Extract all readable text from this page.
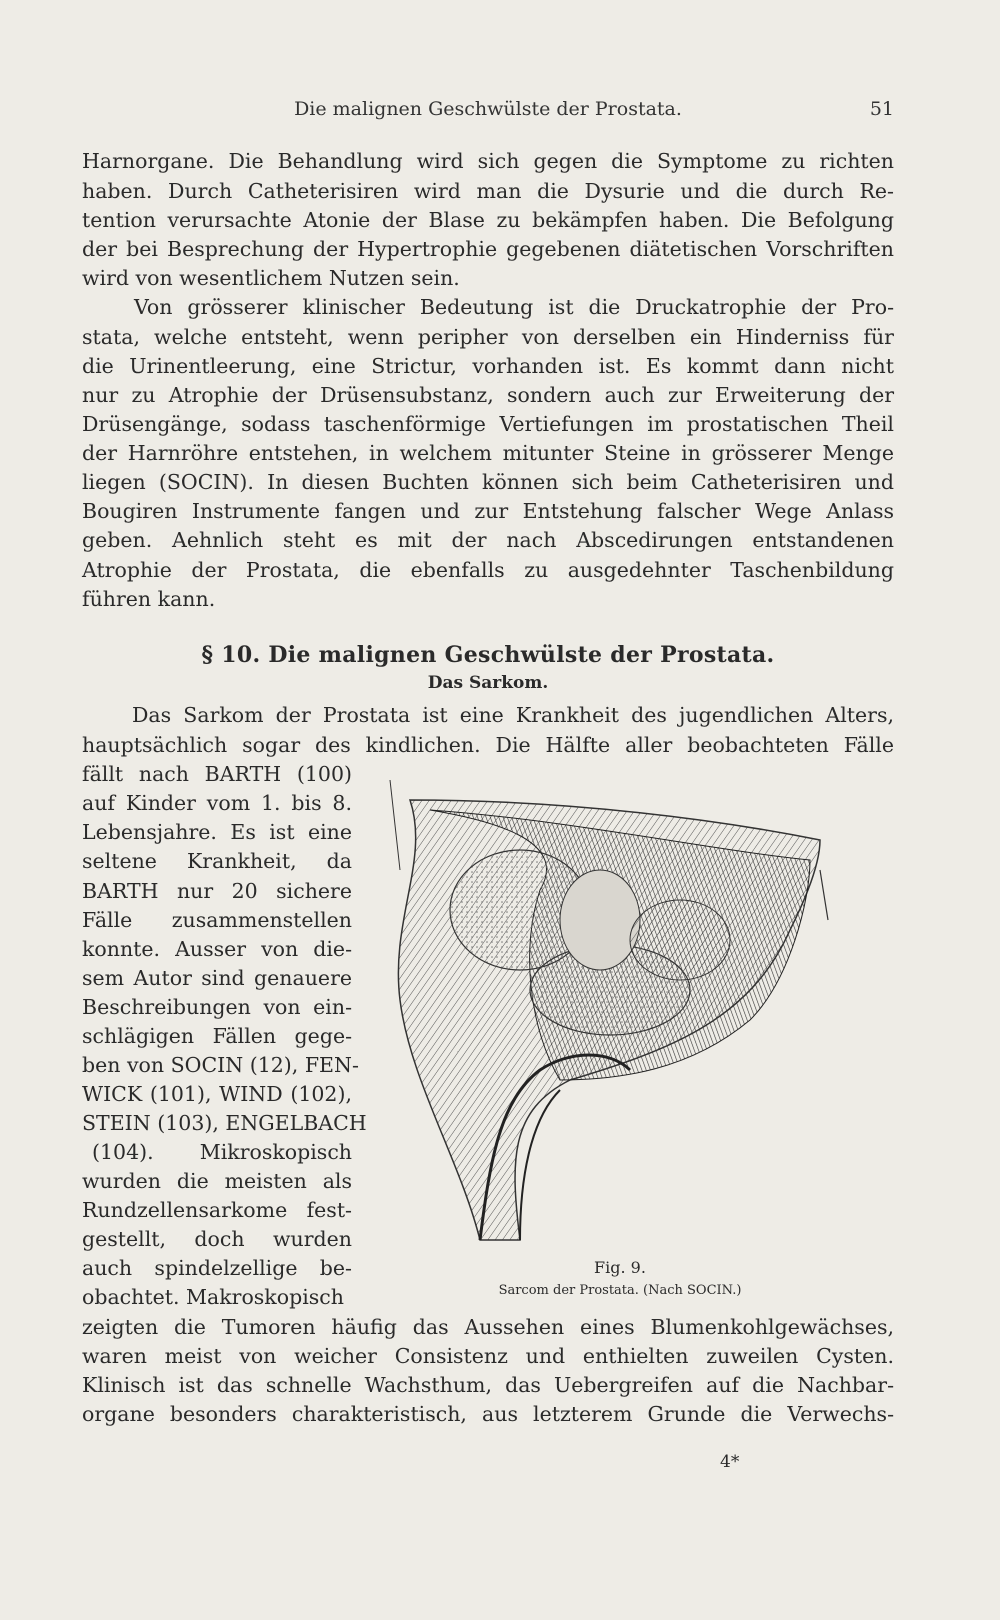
Die malignen Geschwülste der Prostata.	51
Harnorgane. Die Behandlung wird sich gegen die Symptome zu richten
haben. Durch Catheterisiren wird man die Dysurie und die durch Re-
tention verursachte Atonie der Blase zu bekämpfen haben. Die Befolgung
der bei Besprechung der Hypertrophie gegebenen diätetischen Vorschriften
wird von wesentlichem Nutzen sein.
Von grösserer klinischer Bedeutung ist die Druckatrophie der Pro-
stata, welche entsteht, wenn peripher von derselben ein Hinderniss für
die Urinentleerung, eine Strictur, vorhanden ist. Es kommt dann nicht
nur zu Atrophie der Drüsensubstanz, sondern auch zur Erweiterung der
Drüsengänge, sodass taschenförmige Vertiefungen im prostatischen Theil
der Harnröhre entstehen, in welchem mitunter Steine in grösserer Menge
liegen (SOCIN). In diesen Buchten können sich beim Catheterisiren und
Bougiren Instrumente fangen und zur Entstehung falscher Wege Anlass
geben. Aehnlich steht es mit der nach Abscedirungen entstandenen
Atrophie der Prostata, die ebenfalls zu ausgedehnter Taschenbildung
führen kann.
§ 10. Die malignen Geschwülste der Prostata.
Das Sarkom.
Das Sarkom der Prostata ist eine Krankheit des jugendlichen Alters,
hauptsächlich sogar des kindlichen. Die Hälfte aller beobachteten Fälle
fällt nach BARTH (100)
auf Kinder vom 1. bis 8.
Lebensjahre. Es ist eine
seltene Krankheit, da
BARTH nur 20 sichere
Fälle zusammenstellen
konnte. Ausser von die-
sem Autor sind genauere
Beschreibungen von ein-
schlägigen Fällen gege-
ben von SOCIN (12), FEN-
WICK (101), WIND (102),
STEIN (103), ENGELBACH
(104). Mikroskopisch
wurden die meisten als
Rundzellensarkome fest-
gestellt, doch wurden
auch spindelzellige be-
obachtet. Makroskopisch
zeigten die Tumoren häufig das Aussehen eines Blumenkohlgewächses,
waren meist von weicher Consistenz und enthielten zuweilen Cysten.
Klinisch ist das schnelle Wachsthum, das Uebergreifen auf die Nachbar-
organe besonders charakteristisch, aus letzterem Grunde die Verwechs-
Fig. 9.
Sarcom der Prostata. (Nach SOCIN.)
4*
